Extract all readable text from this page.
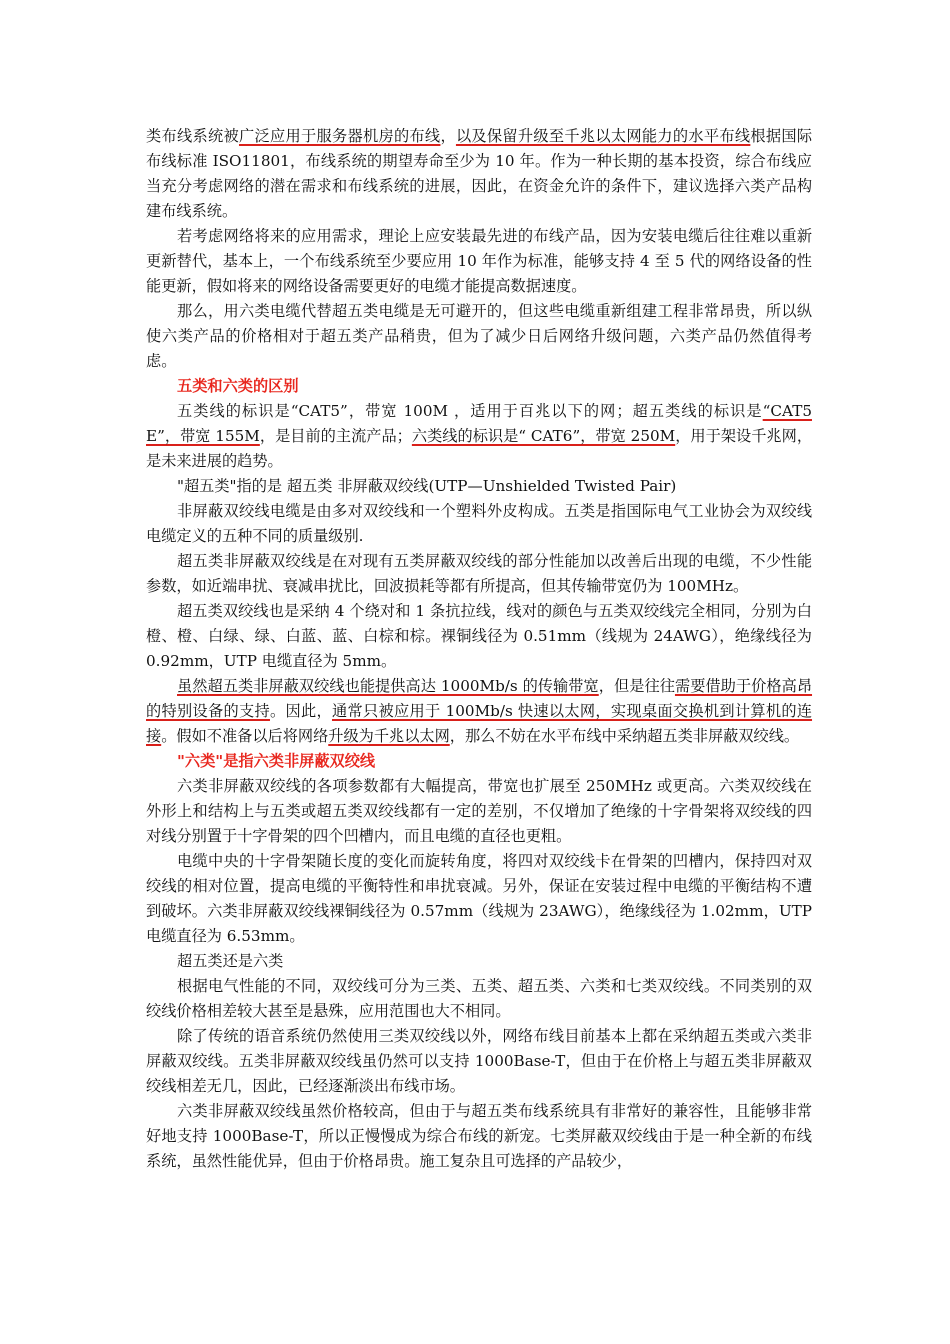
类布线系统被广泛应用于服务器机房的布线，以及保留升级至千兆以太网能力的水平布线根据国际布线标准 ISO11801，布线系统的期望寿命至少为 10 年。作为一种长期的基本投资，综合布线应当充分考虑网络的潜在需求和布线系统的进展，因此，在资金允许的条件下，建议选择六类产品构建布线系统。

若考虑网络将来的应用需求，理论上应安装最先进的布线产品，因为安装电缆后往往难以重新更新替代，基本上，一个布线系统至少要应用 10 年作为标准，能够支持 4 至 5 代的网络设备的性能更新，假如将来的网络设备需要更好的电缆才能提高数据速度。

那么，用六类电缆代替超五类电缆是无可避开的，但这些电缆重新组建工程非常昂贵，所以纵使六类产品的价格相对于超五类产品稍贵，但为了减少日后网络升级问题，六类产品仍然值得考虑。

五类和六类的区别

五类线的标识是“CAT5”，带宽 100M ，适用于百兆以下的网；超五类线的标识是“CAT5E”，带宽 155M，是目前的主流产品；六类线的标识是“ CAT6”，带宽 250M，用于架设千兆网，是未来进展的趋势。

"超五类"指的是 超五类 非屏蔽双绞线(UTP—Unshielded Twisted Pair)

非屏蔽双绞线电缆是由多对双绞线和一个塑料外皮构成。五类是指国际电气工业协会为双绞线电缆定义的五种不同的质量级别.

超五类非屏蔽双绞线是在对现有五类屏蔽双绞线的部分性能加以改善后出现的电缆，不少性能参数，如近端串扰、衰减串扰比，回波损耗等都有所提高，但其传输带宽仍为 100MHz。

超五类双绞线也是采纳 4 个绕对和 1 条抗拉线，线对的颜色与五类双绞线完全相同，分别为白橙、橙、白绿、绿、白蓝、蓝、白棕和棕。裸铜线径为 0.51mm（线规为 24AWG），绝缘线径为 0.92mm，UTP 电缆直径为 5mm。

虽然超五类非屏蔽双绞线也能提供高达 1000Mb/s 的传输带宽，但是往往需要借助于价格高昂的特别设备的支持。因此，通常只被应用于 100Mb/s 快速以太网，实现桌面交换机到计算机的连接。假如不准备以后将网络升级为千兆以太网，那么不妨在水平布线中采纳超五类非屏蔽双绞线。

"六类"是指六类非屏蔽双绞线

六类非屏蔽双绞线的各项参数都有大幅提高，带宽也扩展至 250MHz 或更高。六类双绞线在外形上和结构上与五类或超五类双绞线都有一定的差别，不仅增加了绝缘的十字骨架将双绞线的四对线分别置于十字骨架的四个凹槽内，而且电缆的直径也更粗。

电缆中央的十字骨架随长度的变化而旋转角度，将四对双绞线卡在骨架的凹槽内，保持四对双绞线的相对位置，提高电缆的平衡特性和串扰衰减。另外，保证在安装过程中电缆的平衡结构不遭到破坏。六类非屏蔽双绞线裸铜线径为 0.57mm（线规为 23AWG），绝缘线径为 1.02mm，UTP 电缆直径为 6.53mm。

超五类还是六类

根据电气性能的不同，双绞线可分为三类、五类、超五类、六类和七类双绞线。不同类别的双绞线价格相差较大甚至是悬殊，应用范围也大不相同。

除了传统的语音系统仍然使用三类双绞线以外，网络布线目前基本上都在采纳超五类或六类非屏蔽双绞线。五类非屏蔽双绞线虽仍然可以支持 1000Base-T，但由于在价格上与超五类非屏蔽双绞线相差无几，因此，已经逐渐淡出布线市场。

六类非屏蔽双绞线虽然价格较高，但由于与超五类布线系统具有非常好的兼容性，且能够非常好地支持 1000Base-T，所以正慢慢成为综合布线的新宠。七类屏蔽双绞线由于是一种全新的布线系统，虽然性能优异，但由于价格昂贵。施工复杂且可选择的产品较少，
